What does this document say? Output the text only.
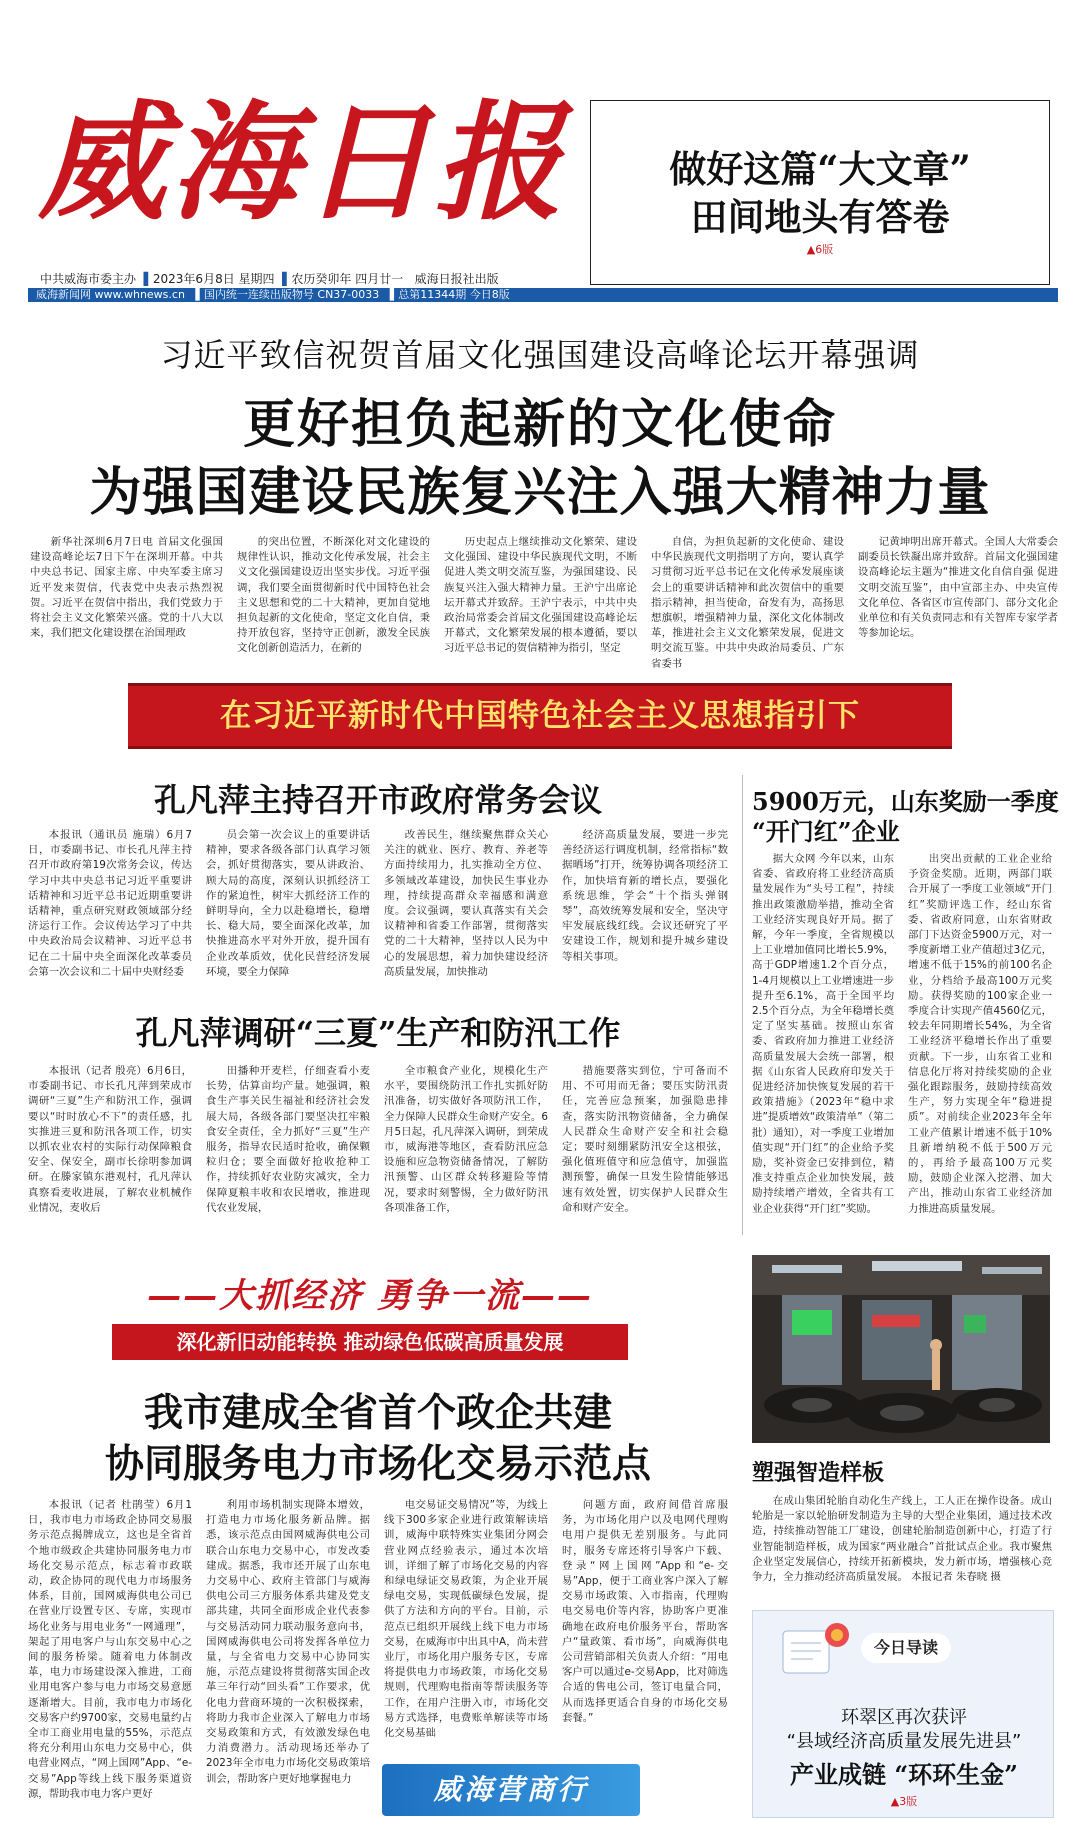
威海日报	做好这篇“大文章”
田间地头有答卷
▲6版
中共威海市委主办  ▌2023年6月8日 星期四  ▌农历癸卯年 四月廿一 威海日报社出版
威海新闻网 www.whnews.cn   ▌国内统一连续出版物号 CN37-0033   ▌总第11344期 今日8版
习近平致信祝贺首届文化强国建设高峰论坛开幕强调
更好担负起新的文化使命
为强国建设民族复兴注入强大精神力量

新华社深圳6月7日电 首届文化强国建设高峰论坛7日下午在深圳开幕。中共中央总书记、国家主席、中央军委主席习近平发来贺信，代表党中央表示热烈祝贺。习近平在贺信中指出，我们党致力于将社会主义文化繁荣兴盛。党的十八大以来，我们把文化建设摆在治国理政

的突出位置，不断深化对文化建设的规律性认识，推动文化传承发展，社会主义文化强国建设迈出坚实步伐。习近平强调，我们要全面贯彻新时代中国特色社会主义思想和党的二十大精神，更加自觉地担负起新的文化使命，坚定文化自信，秉持开放包容，坚持守正创新，激发全民族文化创新创造活力，在新的

历史起点上继续推动文化繁荣、建设文化强国、建设中华民族现代文明，不断促进人类文明交流互鉴，为强国建设、民族复兴注入强大精神力量。王沪宁出席论坛开幕式并致辞。王沪宁表示，中共中央政治局常委会首届文化强国建设高峰论坛开幕式，文化繁荣发展的根本遵循，要以习近平总书记的贺信精神为指引，坚定

自信，为担负起新的文化使命、建设中华民族现代文明指明了方向，要认真学习贯彻习近平总书记在文化传承发展座谈会上的重要讲话精神和此次贺信中的重要指示精神，担当使命，奋发有为，高扬思想旗帜，增强精神力量，深化文化体制改革，推进社会主义文化繁荣发展，促进文明交流互鉴。中共中央政治局委员、广东省委书

记黄坤明出席开幕式。全国人大常委会副委员长铁凝出席并致辞。首届文化强国建设高峰论坛主题为“推进文化自信自强 促进文明交流互鉴”，由中宣部主办、中央宣传文化单位、各省区市宣传部门、部分文化企业单位和有关负责同志和有关智库专家学者等参加论坛。

在习近平新时代中国特色社会主义思想指引下
孔凡萍主持召开市政府常务会议

本报讯（通讯员 施瑞）6月7日，市委副书记、市长孔凡萍主持召开市政府第19次常务会议，传达学习中共中央总书记习近平重要讲话精神和习近平总书记近期重要讲话精神，重点研究财政领域部分经济运行工作。会议传达学习了中共中央政治局会议精神、习近平总书记在二十届中央全面深化改革委员会第一次会议和二十届中央财经委

员会第一次会议上的重要讲话精神，要求各级各部门认真学习领会，抓好贯彻落实，要从讲政治、顾大局的高度，深刻认识抓经济工作的紧迫性，树牢大抓经济工作的鲜明导向，全力以赴稳增长，稳增长、稳大局，要全面深化改革，加快推进高水平对外开放，提升国有企业改革质效，优化民营经济发展环境，要全力保障

改善民生，继续聚焦群众关心关注的就业、医疗、教育、养老等方面持续用力，扎实推动全方位、多领域改革建设，加快民生事业办理，持续提高群众幸福感和满意度。会议强调，要认真落实有关会议精神和省委工作部署，贯彻落实党的二十大精神，坚持以人民为中心的发展思想，着力加快建设经济高质量发展，加快推动

经济高质量发展，要进一步完善经济运行调度机制，经常指标“数据晒场”打开，统筹协调各项经济工作，加快培育新的增长点，要强化系统思维，学会“十个指头弹钢琴”，高效统筹发展和安全，坚决守牢发展底线红线。会议还研究了平安建设工作，规划和提升城乡建设等相关事项。

孔凡萍调研“三夏”生产和防汛工作

本报讯（记者 殷亮）6月6日，市委副书记、市长孔凡萍到荣成市调研“三夏”生产和防汛工作，强调要以“时时放心不下”的责任感，扎实推进三夏和防汛各项工作，切实以抓农业农村的实际行动保障粮食安全、保安全，副市长徐明参加调研。在滕家镇东港观村，孔凡萍认真察看麦收进展，了解农业机械作业情况，麦收后

田播种开麦栏，仔细查看小麦长势，估算亩均产量。她强调，粮食生产事关民生福祉和经济社会发展大局，各级各部门要坚决扛牢粮食安全责任，全力抓好“三夏”生产服务，指导农民适时抢收，确保颗粒归仓；要全面做好抢收抢种工作，持续抓好农业防灾减灾，全力保障夏粮丰收和农民增收，推进现代农业发展，

全市粮食产业化，规模化生产水平，要围绕防汛工作扎实抓好防汛准备，切实做好各项防汛工作，全力保障人民群众生命财产安全。6月5日起，孔凡萍深入调研，到荣成市，威海港等地区，查看防汛应急设施和应急物资储备情况，了解防汛预警、山区群众转移避险等情况，要求时刻警惕，全力做好防汛各项准备工作，

措施要落实到位，宁可备而不用、不可用而无备；要压实防汛责任，完善应急预案，加强隐患排查，落实防汛物资储备，全力确保人民群众生命财产安全和社会稳定；要时刻绷紧防汛安全这根弦，强化值班值守和应急值守，加强监测预警，确保一旦发生险情能够迅速有效处置，切实保护人民群众生命和财产安全。

5900万元，山东奖励一季度
“开门红”企业

据大众网 今年以来，山东省委、省政府将工业经济高质量发展作为“头号工程”，持续推出政策激励举措，推动全省工业经济实现良好开局。据了解，今年一季度，全省规模以上工业增加值同比增长5.9%，高于GDP增速1.2个百分点，1-4月规模以上工业增速进一步提升至6.1%，高于全国平均2.5个百分点，为全年稳增长奠定了坚实基础。按照山东省委、省政府加力推进工业经济高质量发展大会统一部署，根据《山东省人民政府印发关于促进经济加快恢复发展的若干政策措施》（2023年“稳中求进”提质增效“政策清单”（第二批）通知），对一季度工业增加值实现“开门红”的企业给予奖励，奖补资金已安排到位，精准支持重点企业加快发展，鼓励持续增产增效，全省共有工业企业获得“开门红”奖励。

出突出贡献的工业企业给予资金奖励。近期，两部门联合开展了一季度工业领域“开门红”奖励评选工作，经山东省委、省政府同意，山东省财政部门下达资金5900万元，对一季度新增工业产值超过3亿元，增速不低于15%的前100名企业，分档给予最高100万元奖励。获得奖励的100家企业一季度合计实现产值4560亿元，较去年同期增长54%，为全省工业经济平稳增长作出了重要贡献。下一步，山东省工业和信息化厅将对持续奖励的企业强化跟踪服务，鼓励持续高效生产，努力实现全年“稳进提质”。对前续企业2023年全年工业产值累计增速不低于10%且新增纳税不低于500万元的，再给予最高100万元奖励，鼓励企业深入挖潜、加大产出，推动山东省工业经济加力推进高质量发展。

——大抓经济 勇争一流——
深化新旧动能转换 推动绿色低碳高质量发展
我市建成全省首个政企共建
协同服务电力市场化交易示范点

本报讯（记者 杜鹃莹）6月1日，我市电力市场政企协同交易服务示范点揭牌成立，这也是全省首个地市级政企共建协同服务电力市场化交易示范点，标志着市政联动，政企协同的现代电力市场服务体系，目前，国网威海供电公司已在营业厅设置专区、专席，实现市场化业务与用电业务“一网通理”，架起了用电客户与山东交易中心之间的服务桥梁。随着电力体制改革，电力市场建设深入推进，工商业用电客户参与电力市场交易意愿逐渐增大。目前，我市电力市场化交易客户约9700家，交易电量约占全市工商业用电量的55%，示范点将充分利用山东电力交易中心，供电营业网点，“网上国网”App、“e-交易”App等线上线下服务渠道资源，帮助我市电力客户更好

利用市场机制实现降本增效，打造电力市场化服务新品牌。据悉，该示范点由国网威海供电公司联合山东电力交易中心，市发改委建成。据悉，我市还开展了山东电力交易中心、政府主管部门与威海供电公司三方服务体系共建及党支部共建，共同全面形成企业代表参与交易活动同力联动服务意向书，国网威海供电公司将发挥各单位力量，与全省电力交易中心协同实施，示范点建设将贯彻落实国企改革三年行动“回头看”工作要求，优化电力营商环境的一次积极探索，将助力我市企业深入了解电力市场交易政策和方式，有效激发绿色电力消费潜力。活动现场还举办了2023年全市电力市场化交易政策培训会，帮助客户更好地掌握电力

电交易证交易情况”等，为线上线下300多家企业进行政策解读培训，威海中联特殊实业集团分网会营业网点经验表示，通过本次培训，详细了解了市场化交易的内容和绿电绿证交易政策，为企业开展绿电交易，实现低碳绿色发展，提供了方法和方向的平台。目前，示范点已组织开展线上线下电力市场交易，在威海市中出具中A，尚未营业厅，市场化用户服务专区，专席将提供电力市场政策，市场化交易规则，代理购电指南等帮读服务等工作，在用户注册入市，市场化交易方式选择，电费账单解读等市场化交易基础

问题方面，政府间借首席服务，为市场化用户以及电网代理购电用户提供无差别服务。与此同时，服务专席还将引导客户下载、登录“网上国网”App和“e-交易”App，便于工商业客户深入了解交易市场政策、入市指南，代理购电交易电价等内容，协助客户更准确地在政府电价服务平台，帮助客户“量政策、看市场”，向威海供电公司营销部相关负责人介绍：“用电客户可以通过e-交易App，比对筛选合适的售电公司，签订电量合同，从而选择更适合自身的市场化交易套餐。”

威海营商行
塑强智造样板

在成山集团轮胎自动化生产线上，工人正在操作设备。成山轮胎是一家以轮胎研发制造为主导的大型企业集团，通过技术改造，持续推动智能工厂建设，创建轮胎制造创新中心，打造了行业智能制造样板，成为国家“两业融合”首批试点企业。我市聚焦企业坚定发展信心，持续开拓新模块，发力新市场，增强核心竞争力，全力推动经济高质量发展。 本报记者 朱春晓 摄

今日导读
环翠区再次获评
“县域经济高质量发展先进县”
产业成链 “环环生金”
▲3版
